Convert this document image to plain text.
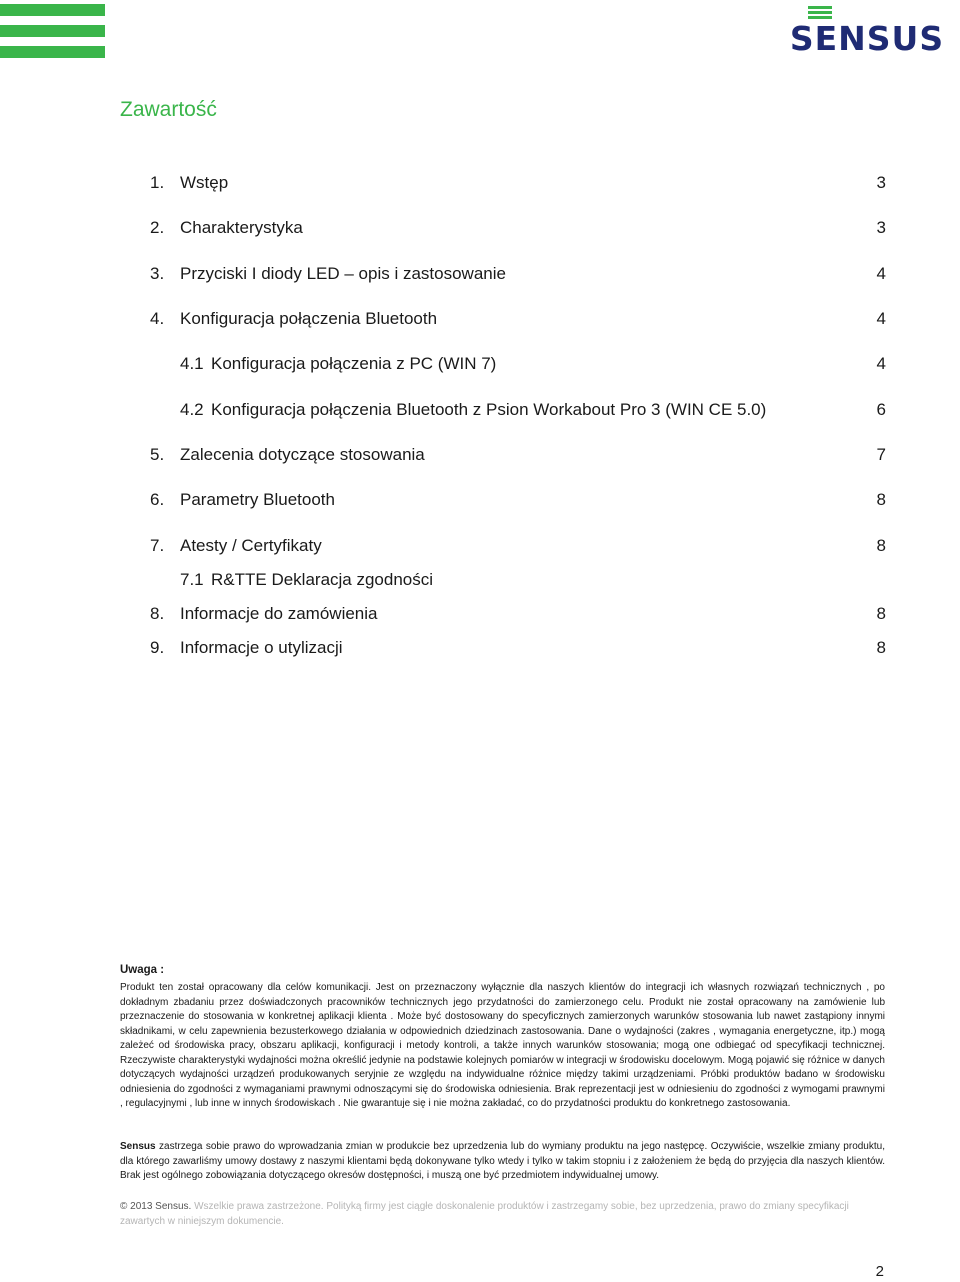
SENSUS
Zawartość
1. Wstęp	3
2. Charakterystyka	3
3. Przyciski I diody LED – opis i zastosowanie	4
4. Konfiguracja połączenia Bluetooth	4
4.1 Konfiguracja połączenia z PC (WIN 7)	4
4.2 Konfiguracja połączenia Bluetooth z Psion Workabout Pro 3 (WIN CE 5.0)	6
5. Zalecenia dotyczące stosowania	7
6. Parametry Bluetooth	8
7. Atesty / Certyfikaty	8
7.1 R&TTE Deklaracja zgodności
8. Informacje do zamówienia	8
9. Informacje o utylizacji	8
Uwaga :
Produkt ten został opracowany dla celów komunikacji. Jest on przeznaczony wyłącznie dla naszych klientów do integracji ich własnych rozwiązań technicznych , po dokładnym zbadaniu przez doświadczonych pracowników technicznych jego przydatności do zamierzonego celu. Produkt nie został opracowany na zamówienie lub przeznaczenie do stosowania w konkretnej aplikacji klienta . Może być dostosowany do specyficznych zamierzonych warunków stosowania lub nawet zastąpiony innymi składnikami, w celu zapewnienia bezusterkowego działania w odpowiednich dziedzinach zastosowania. Dane o wydajności (zakres , wymagania energetyczne, itp.) mogą zależeć od środowiska pracy, obszaru aplikacji, konfiguracji i metody kontroli, a także innych warunków stosowania; mogą one odbiegać od specyfikacji technicznej. Rzeczywiste charakterystyki wydajności można określić jedynie na podstawie kolejnych pomiarów w integracji w środowisku docelowym. Mogą pojawić się różnice w danych dotyczących wydajności urządzeń produkowanych seryjnie ze względu na indywidualne różnice między takimi urządzeniami. Próbki produktów badano w środowisku odniesienia do zgodności z wymaganiami prawnymi odnoszącymi się do środowiska odniesienia. Brak reprezentacji jest w odniesieniu do zgodności z wymogami prawnymi , regulacyjnymi , lub inne w innych środowiskach . Nie gwarantuje się i nie można zakładać, co do przydatności produktu do konkretnego zastosowania.
Sensus zastrzega sobie prawo do wprowadzania zmian w produkcie bez uprzedzenia lub do wymiany produktu na jego następcę. Oczywiście, wszelkie zmiany produktu, dla którego zawarliśmy umowy dostawy z naszymi klientami będą dokonywane tylko wtedy i tylko w takim stopniu i z założeniem że będą do przyjęcia dla naszych klientów. Brak jest ogólnego zobowiązania dotyczącego okresów dostępności, i muszą one być przedmiotem indywidualnej umowy.
© 2013 Sensus. Wszelkie prawa zastrzeżone. Polityką firmy jest ciągłe doskonalenie produktów i zastrzegamy sobie, bez uprzedzenia, prawo do zmiany specyfikacji zawartych w niniejszym dokumencie.
2
